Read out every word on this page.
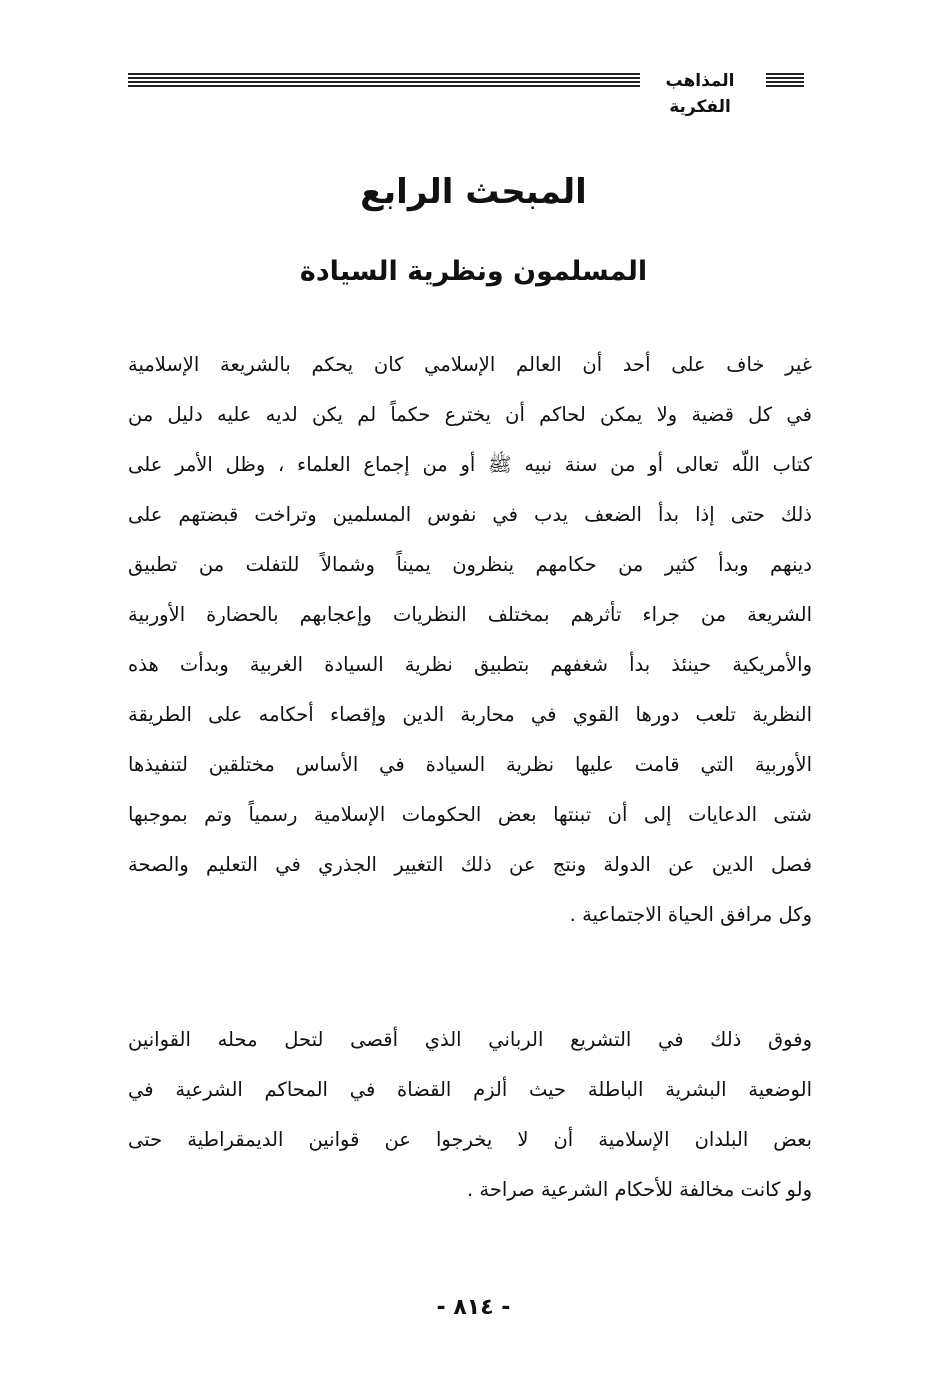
المذاهب الفكرية
المبحث الرابع
المسلمون ونظرية السيادة
غير خاف على أحد أن العالم الإسلامي كان يحكم بالشريعة الإسلامية
في كل قضية ولا يمكن لحاكم أن يخترع حكماً لم يكن لديه عليه دليل من
كتاب اللّه تعالى أو من سنة نبيه ﷺ أو من إجماع العلماء ، وظل الأمر على
ذلك حتى إذا بدأ الضعف يدب في نفوس المسلمين وتراخت قبضتهم على
دينهم وبدأ كثير من حكامهم ينظرون يميناً وشمالاً للتفلت من تطبيق
الشريعة من جراء تأثرهم بمختلف النظريات وإعجابهم بالحضارة الأوربية
والأمريكية حينئذ بدأ شغفهم بتطبيق نظرية السيادة الغربية وبدأت هذه
النظرية تلعب دورها القوي في محاربة الدين وإقصاء أحكامه على الطريقة
الأوربية التي قامت عليها نظرية السيادة في الأساس مختلقين لتنفيذها
شتى الدعايات إلى أن تبنتها بعض الحكومات الإسلامية رسمياً وتم بموجبها
فصل الدين عن الدولة ونتج عن ذلك التغيير الجذري في التعليم والصحة
وكل مرافق الحياة الاجتماعية .
وفوق ذلك في التشريع الرباني الذي أقصى لتحل محله القوانين
الوضعية البشرية الباطلة حيث ألزم القضاة في المحاكم الشرعية في
بعض البلدان الإسلامية أن لا يخرجوا عن قوانين الديمقراطية حتى
ولو كانت مخالفة للأحكام الشرعية صراحة .
- ٨١٤ -
